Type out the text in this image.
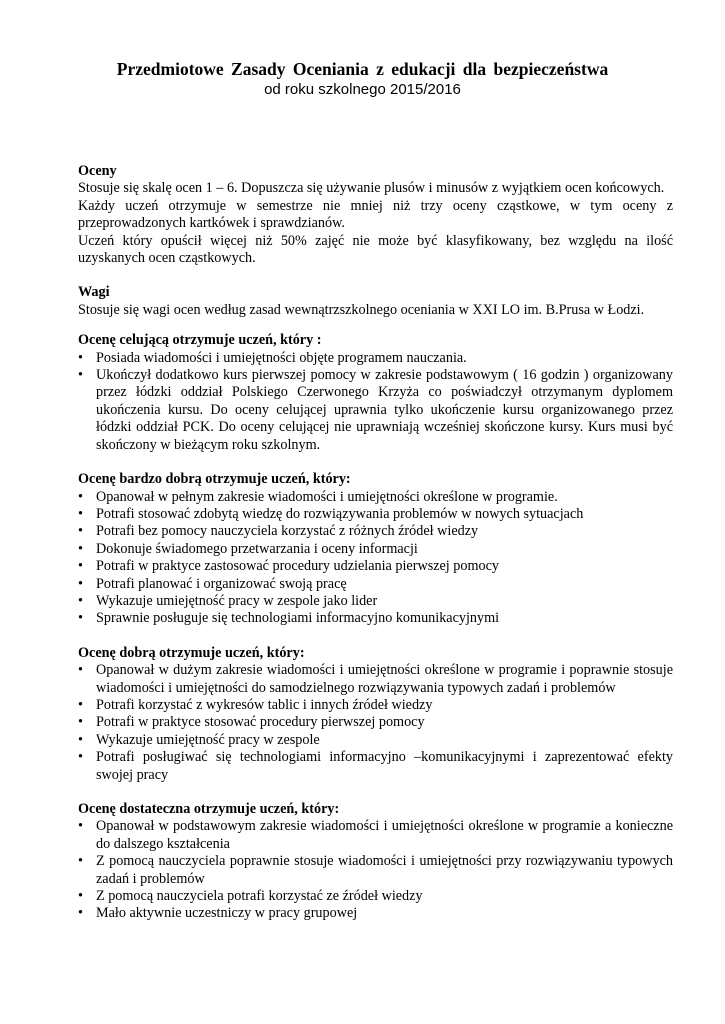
Przedmiotowe Zasady Oceniania z edukacji dla bezpieczeństwa
od roku szkolnego 2015/2016
Oceny
Stosuje się skalę ocen 1 – 6. Dopuszcza się używanie plusów i minusów z wyjątkiem ocen końcowych.
Każdy uczeń otrzymuje w semestrze nie mniej niż trzy oceny cząstkowe, w tym oceny z przeprowadzonych kartkówek i sprawdzianów.
Uczeń który opuścił więcej niż 50% zajęć nie może być klasyfikowany, bez względu na ilość uzyskanych ocen cząstkowych.
Wagi
Stosuje się wagi ocen według zasad wewnątrzszkolnego oceniania w XXI LO im. B.Prusa w Łodzi.
Ocenę celującą otrzymuje uczeń, który :
• Posiada wiadomości i umiejętności objęte programem nauczania.
• Ukończył dodatkowo kurs pierwszej pomocy w zakresie podstawowym ( 16 godzin ) organizowany przez łódzki oddział Polskiego Czerwonego Krzyża co poświadczył otrzymanym dyplomem ukończenia kursu. Do oceny celującej uprawnia tylko ukończenie kursu organizowanego przez łódzki oddział PCK. Do oceny celującej nie uprawniają wcześniej skończone kursy. Kurs musi być skończony w bieżącym roku szkolnym.
Ocenę bardzo dobrą otrzymuje uczeń, który:
• Opanował w pełnym zakresie wiadomości i umiejętności określone w programie.
• Potrafi stosować zdobytą wiedzę do rozwiązywania problemów w nowych sytuacjach
• Potrafi bez pomocy nauczyciela korzystać z różnych źródeł wiedzy
• Dokonuje świadomego przetwarzania i oceny informacji
• Potrafi w praktyce zastosować procedury udzielania pierwszej pomocy
• Potrafi planować i organizować swoją pracę
• Wykazuje umiejętność pracy w zespole jako lider
• Sprawnie posługuje się technologiami informacyjno komunikacyjnymi
Ocenę dobrą otrzymuje uczeń, który:
• Opanował w dużym zakresie wiadomości i umiejętności określone w programie i poprawnie stosuje wiadomości i umiejętności do samodzielnego rozwiązywania typowych zadań i problemów
• Potrafi korzystać z wykresów tablic i innych źródeł wiedzy
• Potrafi w praktyce stosować procedury pierwszej pomocy
• Wykazuje umiejętność pracy w zespole
• Potrafi posługiwać się technologiami informacyjno –komunikacyjnymi i zaprezentować efekty swojej pracy
Ocenę dostateczna otrzymuje uczeń, który:
• Opanował w podstawowym zakresie wiadomości i umiejętności określone w programie a konieczne do dalszego kształcenia
• Z pomocą nauczyciela poprawnie stosuje wiadomości i umiejętności przy rozwiązywaniu typowych zadań i problemów
• Z pomocą nauczyciela potrafi korzystać ze źródeł wiedzy
• Mało aktywnie uczestniczy w pracy grupowej
